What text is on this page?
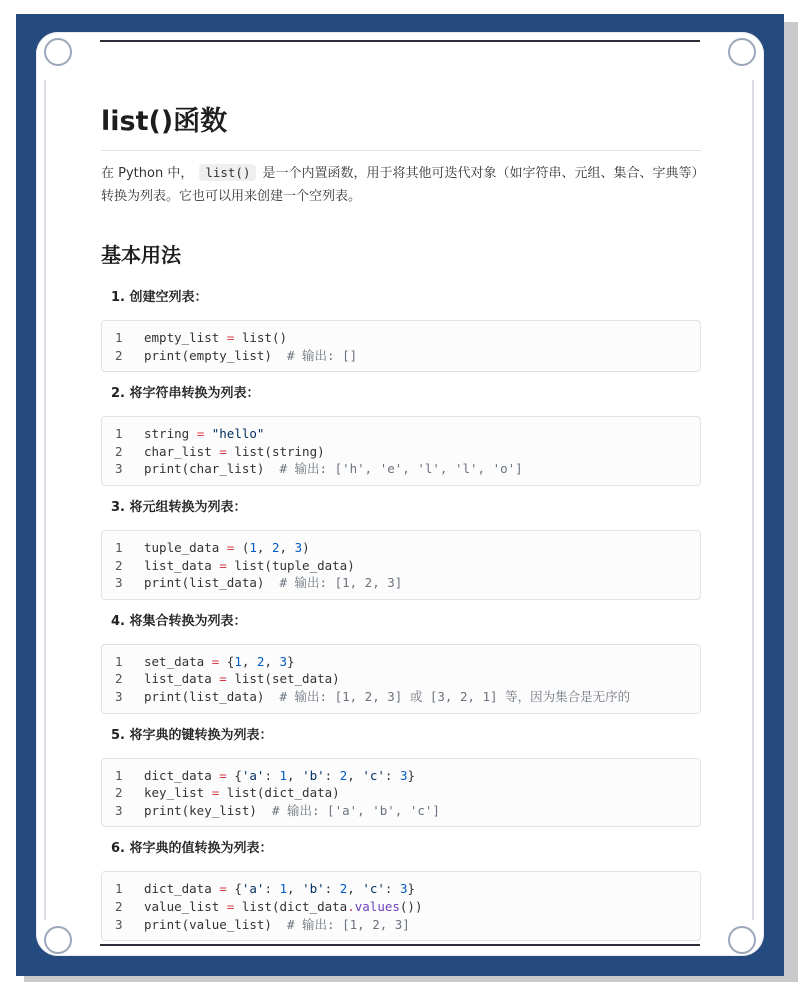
list()函数

在 Python 中， list() 是一个内置函数，用于将其他可迭代对象（如字符串、元组、集合、字典等）转换为列表。它也可以用来创建一个空列表。

基本用法

1. 创建空列表：

1	empty_list = list()
2	print(empty_list)  # 输出: []

2. 将字符串转换为列表：

1	string = "hello"
2	char_list = list(string)
3	print(char_list)  # 输出: ['h', 'e', 'l', 'l', 'o']

3. 将元组转换为列表：

1	tuple_data = (1, 2, 3)
2	list_data = list(tuple_data)
3	print(list_data)  # 输出: [1, 2, 3]

4. 将集合转换为列表：

1	set_data = {1, 2, 3}
2	list_data = list(set_data)
3	print(list_data)  # 输出: [1, 2, 3] 或 [3, 2, 1] 等，因为集合是无序的

5. 将字典的键转换为列表：

1	dict_data = {'a': 1, 'b': 2, 'c': 3}
2	key_list = list(dict_data)
3	print(key_list)  # 输出: ['a', 'b', 'c']

6. 将字典的值转换为列表：

1	dict_data = {'a': 1, 'b': 2, 'c': 3}
2	value_list = list(dict_data.values())
3	print(value_list)  # 输出: [1, 2, 3]
